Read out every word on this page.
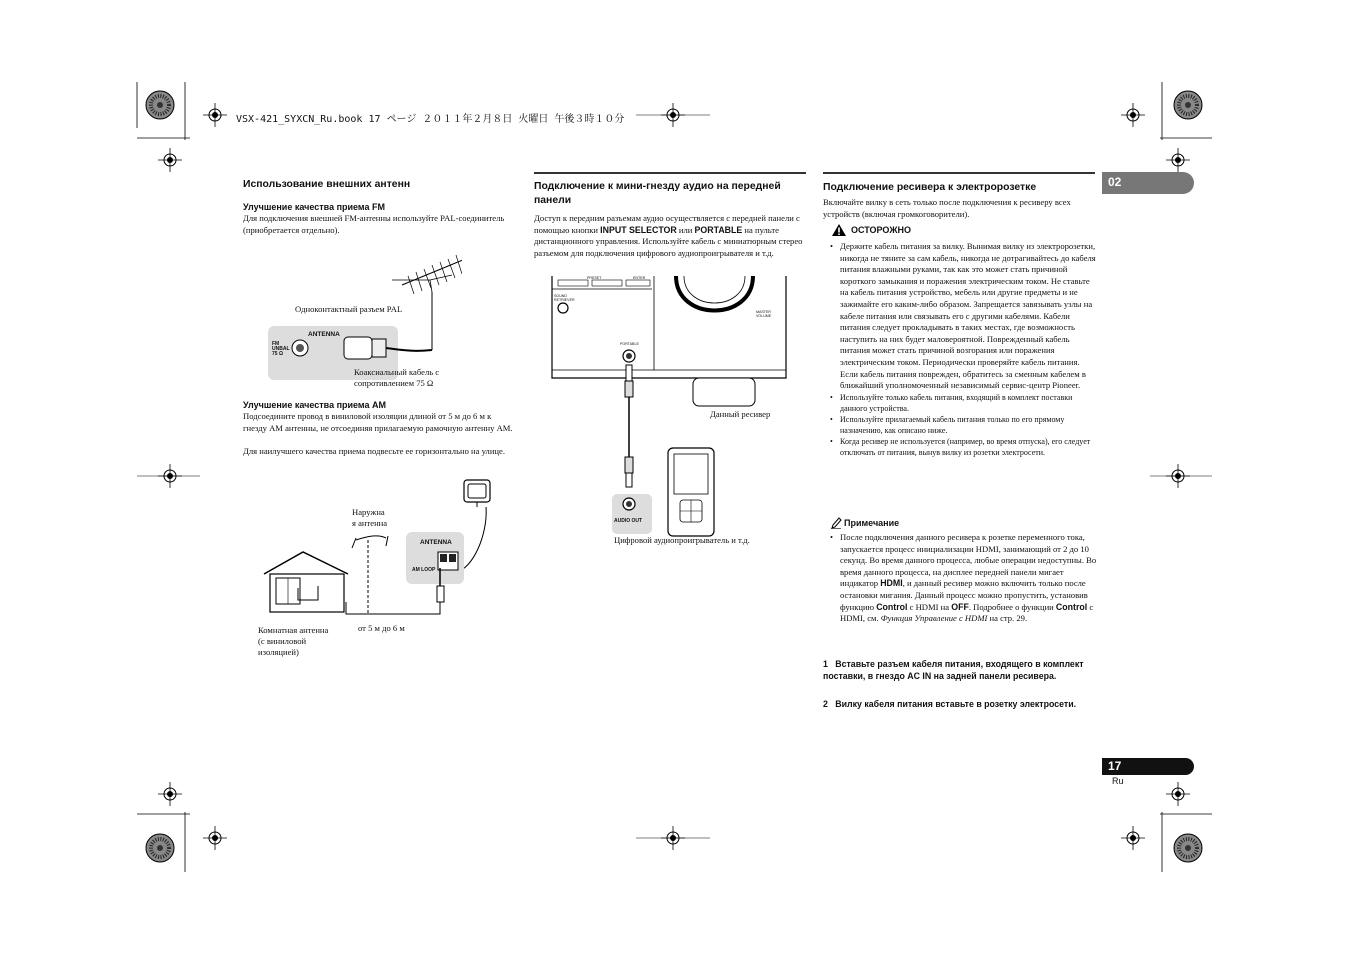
VSX-421_SYXCN_Ru.book 17 ページ ２０１１年２月８日 火曜日 午後３時１０分
02
17
Ru
Использование внешних антенн
Улучшение качества приема FM
Для подключения внешней FM-антенны используйте PAL-соединитель (приобретается отдельно).
ANTENNA
FM
UNBAL
75 Ω
Одноконтактный разъем PAL
Коаксиальный кабель с
сопротивлением 75 Ω
Улучшение качества приема AM
Подсоедините провод в виниловой изоляции длиной от 5 м до 6 м к гнезду AM антенны, не отсоединяя прилагаемую рамочную антенну AM.
Для наилучшего качества приема подвесьте ее горизонтально на улице.
ANTENNA
AM LOOP
Наружна
я антенна
Комнатная антенна
(с виниловой
изоляцией)
от 5 м до 6 м
Подключение к мини-гнезду аудио на передней панели
Доступ к передним разъемам аудио осуществляется с передней панели с помощью кнопки INPUT SELECTOR или PORTABLE на пульте дистанционного управления. Используйте кабель с миниатюрным стерео разъемом для подключения цифрового аудиопроигрывателя и т.д.
PRESET	ENTER
SOUND RETRIEVER
MASTER VOLUME
PORTABLE
AUDIO OUT
Данный ресивер
Цифровой аудиопроигрыватель и т.д.
Подключение ресивера к электророзетке
Включайте вилку в сеть только после подключения к ресиверу всех устройств (включая громкоговорители).
ОСТОРОЖНО
• Держите кабель питания за вилку. Вынимая вилку из электророзетки, никогда не тяните за сам кабель, никогда не дотрагивайтесь до кабеля питания влажными руками, так как это может стать причиной короткого замыкания и поражения электрическим током. Не ставьте на кабель питания устройство, мебель или другие предметы и не зажимайте его каким-либо образом. Запрещается завязывать узлы на кабеле питания или связывать его с другими кабелями. Кабели питания следует прокладывать в таких местах, где возможность наступить на них будет маловероятной. Поврежденный кабель питания может стать причиной возгорания или поражения электрическим током. Периодически проверяйте кабель питания. Если кабель питания поврежден, обратитесь за сменным кабелем в ближайший уполномоченный независимый сервис-центр Pioneer.
• Используйте только кабель питания, входящий в комплект поставки данного устройства.
• Используйте прилагаемый кабель питания только по его прямому назначению, как описано ниже.
• Когда ресивер не используется (например, во время отпуска), его следует отключать от питания, вынув вилку из розетки электросети.
Примечание
• После подключения данного ресивера к розетке переменного тока, запускается процесс инициализации HDMI, занимающий от 2 до 10 секунд. Во время данного процесса, любые операции недоступны. Во время данного процесса, на дисплее передней панели мигает индикатор HDMI, и данный ресивер можно включить только после остановки мигания. Данный процесс можно пропустить, установив функцию Control с HDMI на OFF. Подробнее о функции Control с HDMI, см. Функция Управление с HDMI на стр. 29.
1 Вставьте разъем кабеля питания, входящего в комплект поставки, в гнездо AC IN на задней панели ресивера.
2 Вилку кабеля питания вставьте в розетку электросети.
